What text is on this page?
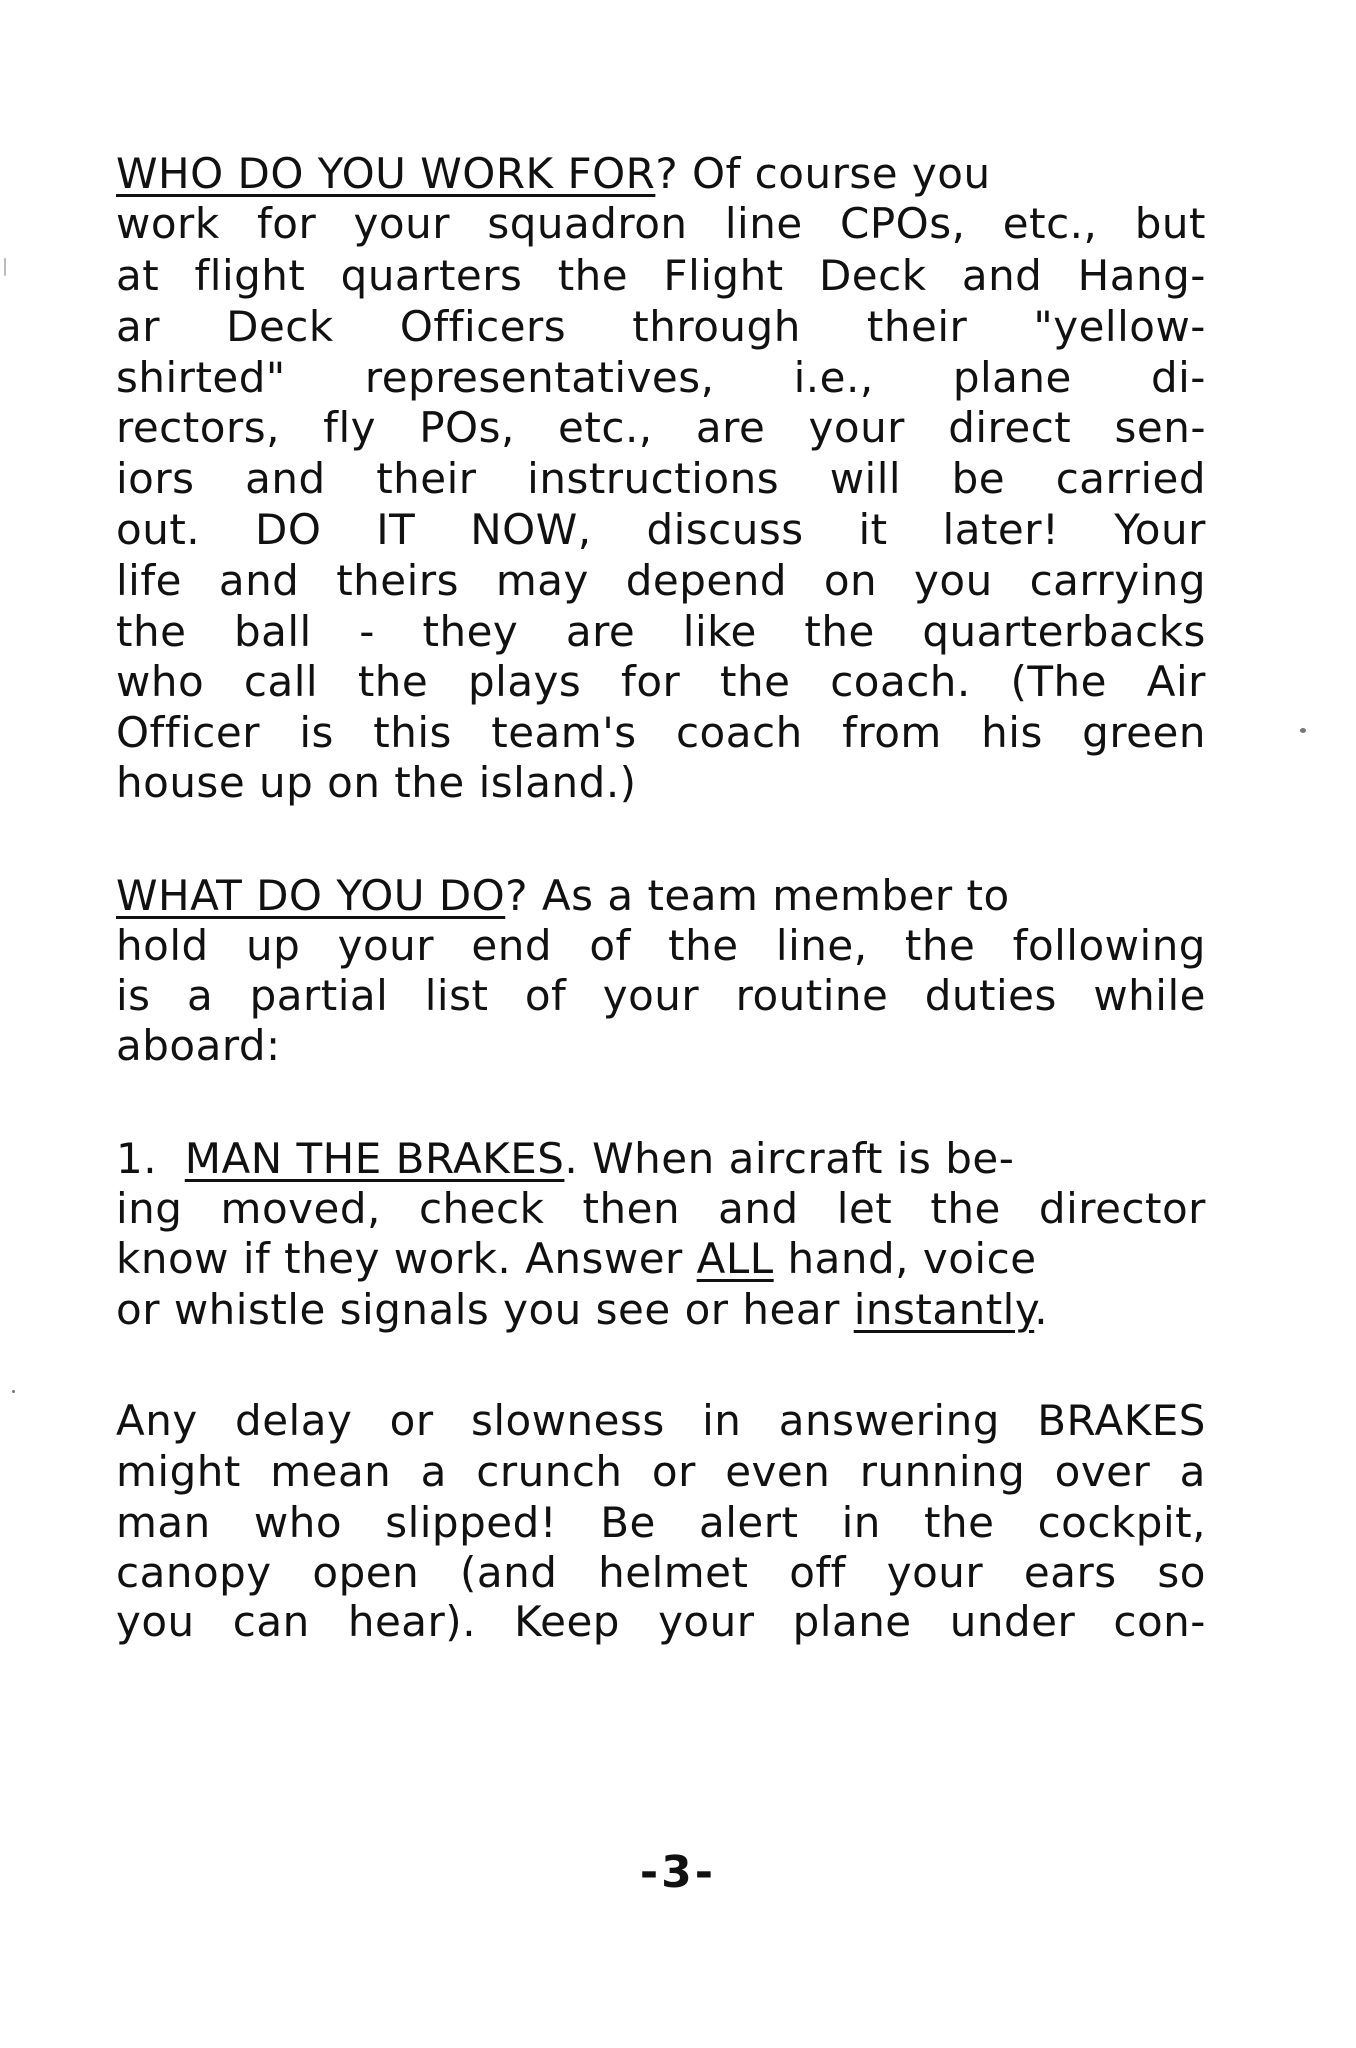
WHO DO YOU WORK FOR? Of course you
work for your squadron line CPOs, etc., but
at flight quarters the Flight Deck and Hang-
ar Deck Officers through their "yellow-
shirted" representatives, i.e., plane di-
rectors, fly POs, etc., are your direct sen-
iors and their instructions will be carried
out. DO IT NOW, discuss it later! Your
life and theirs may depend on you carrying
the ball - they are like the quarterbacks
who call the plays for the coach. (The Air
Officer is this team's coach from his green
house up on the island.)
WHAT DO YOU DO? As a team member to
hold up your end of the line, the following
is a partial list of your routine duties while
aboard:
1. MAN THE BRAKES. When aircraft is be-
ing moved, check then and let the director
know if they work. Answer ALL hand, voice
or whistle signals you see or hear instantly.
Any delay or slowness in answering BRAKES
might mean a crunch or even running over a
man who slipped! Be alert in the cockpit,
canopy open (and helmet off your ears so
you can hear). Keep your plane under con-
-3-
